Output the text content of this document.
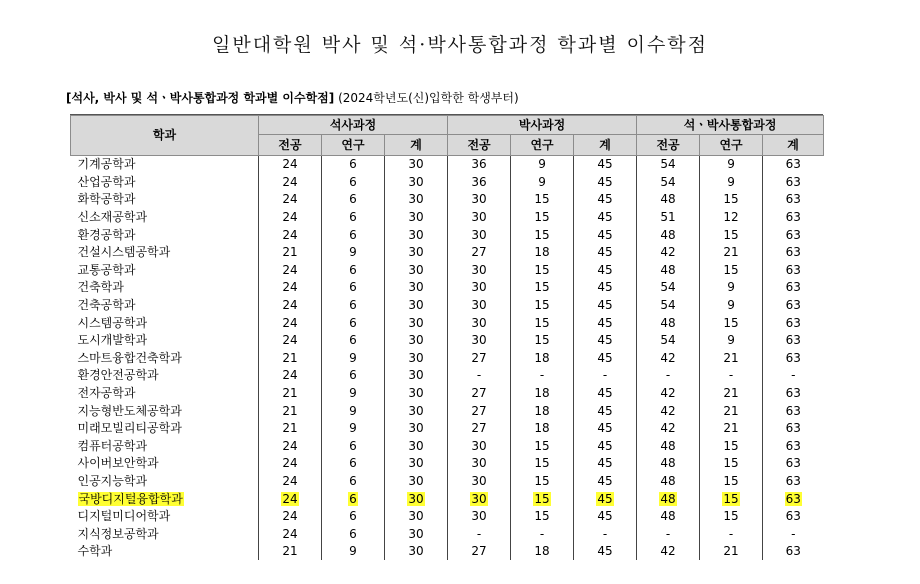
일반대학원 박사 및 석·박사통합과정 학과별 이수학점
[석사, 박사 및 석ㆍ박사통합과정 학과별 이수학점] (2024학년도(신)입학한 학생부터)
학과	석사과정			박사과정			석ㆍ박사통합과정		
	전공	연구	계	전공	연구	계	전공	연구	계
기계공학과	24	6	30	36	9	45	54	9	63
산업공학과	24	6	30	36	9	45	54	9	63
화학공학과	24	6	30	30	15	45	48	15	63
신소재공학과	24	6	30	30	15	45	51	12	63
환경공학과	24	6	30	30	15	45	48	15	63
건설시스템공학과	21	9	30	27	18	45	42	21	63
교통공학과	24	6	30	30	15	45	48	15	63
건축학과	24	6	30	30	15	45	54	9	63
건축공학과	24	6	30	30	15	45	54	9	63
시스템공학과	24	6	30	30	15	45	48	15	63
도시개발학과	24	6	30	30	15	45	54	9	63
스마트융합건축학과	21	9	30	27	18	45	42	21	63
환경안전공학과	24	6	30	-	-	-	-	-	-
전자공학과	21	9	30	27	18	45	42	21	63
지능형반도체공학과	21	9	30	27	18	45	42	21	63
미래모빌리티공학과	21	9	30	27	18	45	42	21	63
컴퓨터공학과	24	6	30	30	15	45	48	15	63
사이버보안학과	24	6	30	30	15	45	48	15	63
인공지능학과	24	6	30	30	15	45	48	15	63
국방디지털융합학과	24	6	30	30	15	45	48	15	63
디지털미디어학과	24	6	30	30	15	45	48	15	63
지식정보공학과	24	6	30	-	-	-	-	-	-
수학과	21	9	30	27	18	45	42	21	63
